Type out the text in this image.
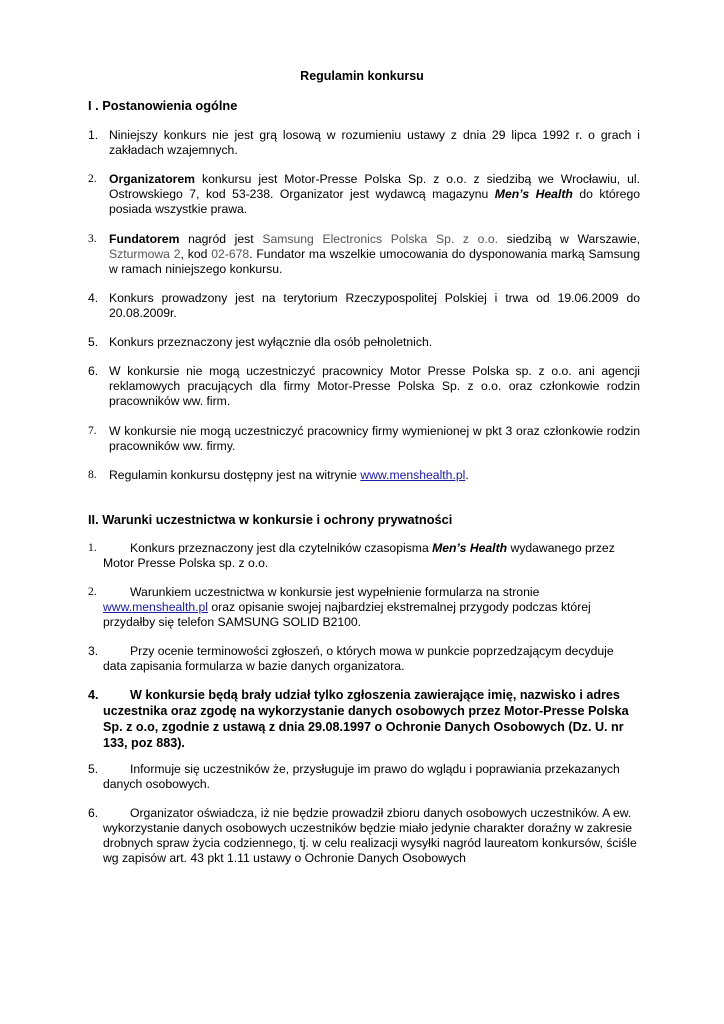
Regulamin konkursu
I . Postanowienia ogólne
1. Niniejszy konkurs nie jest grą losową w rozumieniu ustawy z dnia 29 lipca 1992 r. o grach i zakładach wzajemnych.
2. Organizatorem konkursu jest Motor-Presse Polska Sp. z o.o. z siedzibą we Wrocławiu, ul. Ostrowskiego 7, kod 53-238. Organizator jest wydawcą magazynu Men’s Health do którego posiada wszystkie prawa.
3. Fundatorem nagród jest Samsung Electronics Polska Sp. z o.o. siedzibą w Warszawie, Szturmowa 2, kod 02-678. Fundator ma wszelkie umocowania do dysponowania marką Samsung w ramach niniejszego konkursu.
4. Konkurs prowadzony jest na terytorium Rzeczypospolitej Polskiej i trwa od 19.06.2009 do 20.08.2009r.
5. Konkurs przeznaczony jest wyłącznie dla osób pełnoletnich.
6. W konkursie nie mogą uczestniczyć pracownicy Motor Presse Polska sp. z o.o. ani agencji reklamowych pracujących dla firmy Motor-Presse Polska Sp. z o.o. oraz członkowie rodzin pracowników ww. firm.
7. W konkursie nie mogą uczestniczyć pracownicy firmy wymienionej w pkt 3 oraz członkowie rodzin pracowników ww. firmy.
8. Regulamin konkursu dostępny jest na witrynie www.menshealth.pl.
II. Warunki uczestnictwa w konkursie i ochrony prywatności
1.	Konkurs przeznaczony jest dla czytelników czasopisma Men’s Health wydawanego przez Motor Presse Polska sp. z o.o.
2.	Warunkiem uczestnictwa w konkursie jest wypełnienie formularza na stronie www.menshealth.pl oraz opisanie swojej najbardziej ekstremalnej przygody podczas której przydałby się telefon SAMSUNG SOLID B2100.
3.	Przy ocenie terminowości zgłoszeń, o których mowa w punkcie poprzedzającym decyduje data zapisania formularza w bazie danych organizatora.
4.	W konkursie będą brały udział tylko zgłoszenia zawierające imię, nazwisko i adres uczestnika oraz zgodę na wykorzystanie danych osobowych przez Motor-Presse Polska Sp. z o.o, zgodnie z ustawą z dnia 29.08.1997 o Ochronie Danych Osobowych (Dz. U. nr 133, poz 883).
5.	Informuje się uczestników że, przysługuje im prawo do wglądu i poprawiania przekazanych danych osobowych.
6.	Organizator oświadcza, iż nie będzie prowadził zbioru danych osobowych uczestników. A ew. wykorzystanie danych osobowych uczestników będzie miało jedynie charakter doraźny w zakresie drobnych spraw życia codziennego, tj. w celu realizacji wysyłki nagród laureatom konkursów, ściśle wg zapisów art. 43 pkt 1.11 ustawy o Ochronie Danych Osobowych
